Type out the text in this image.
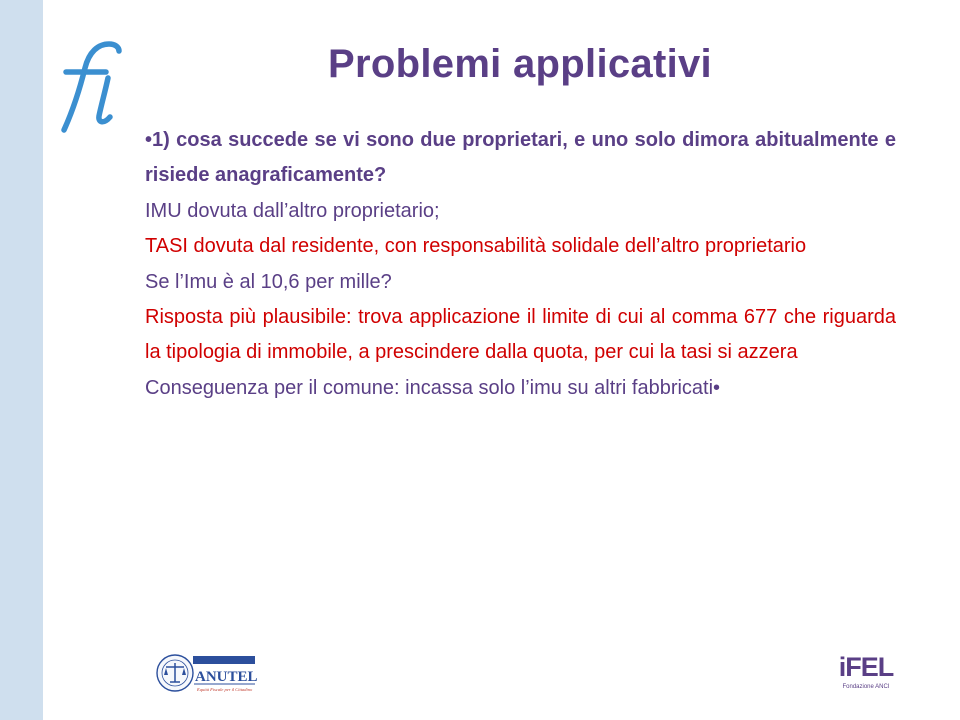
Problemi applicativi

•1) cosa succede se vi sono due proprietari, e uno solo dimora abitualmente e risiede anagraficamente?

IMU dovuta dall’altro proprietario;

TASI dovuta dal residente, con responsabilità solidale dell’altro proprietario

Se l’Imu è al 10,6 per mille?

Risposta più plausibile: trova applicazione il limite di cui al comma 677 che riguarda la tipologia di immobile, a prescindere dalla quota, per cui la tasi si azzera

Conseguenza per il comune: incassa solo l’imu su altri fabbricati•

ANUTEL
Equità Fiscale per il Cittadino
iFEL
Fondazione ANCI
